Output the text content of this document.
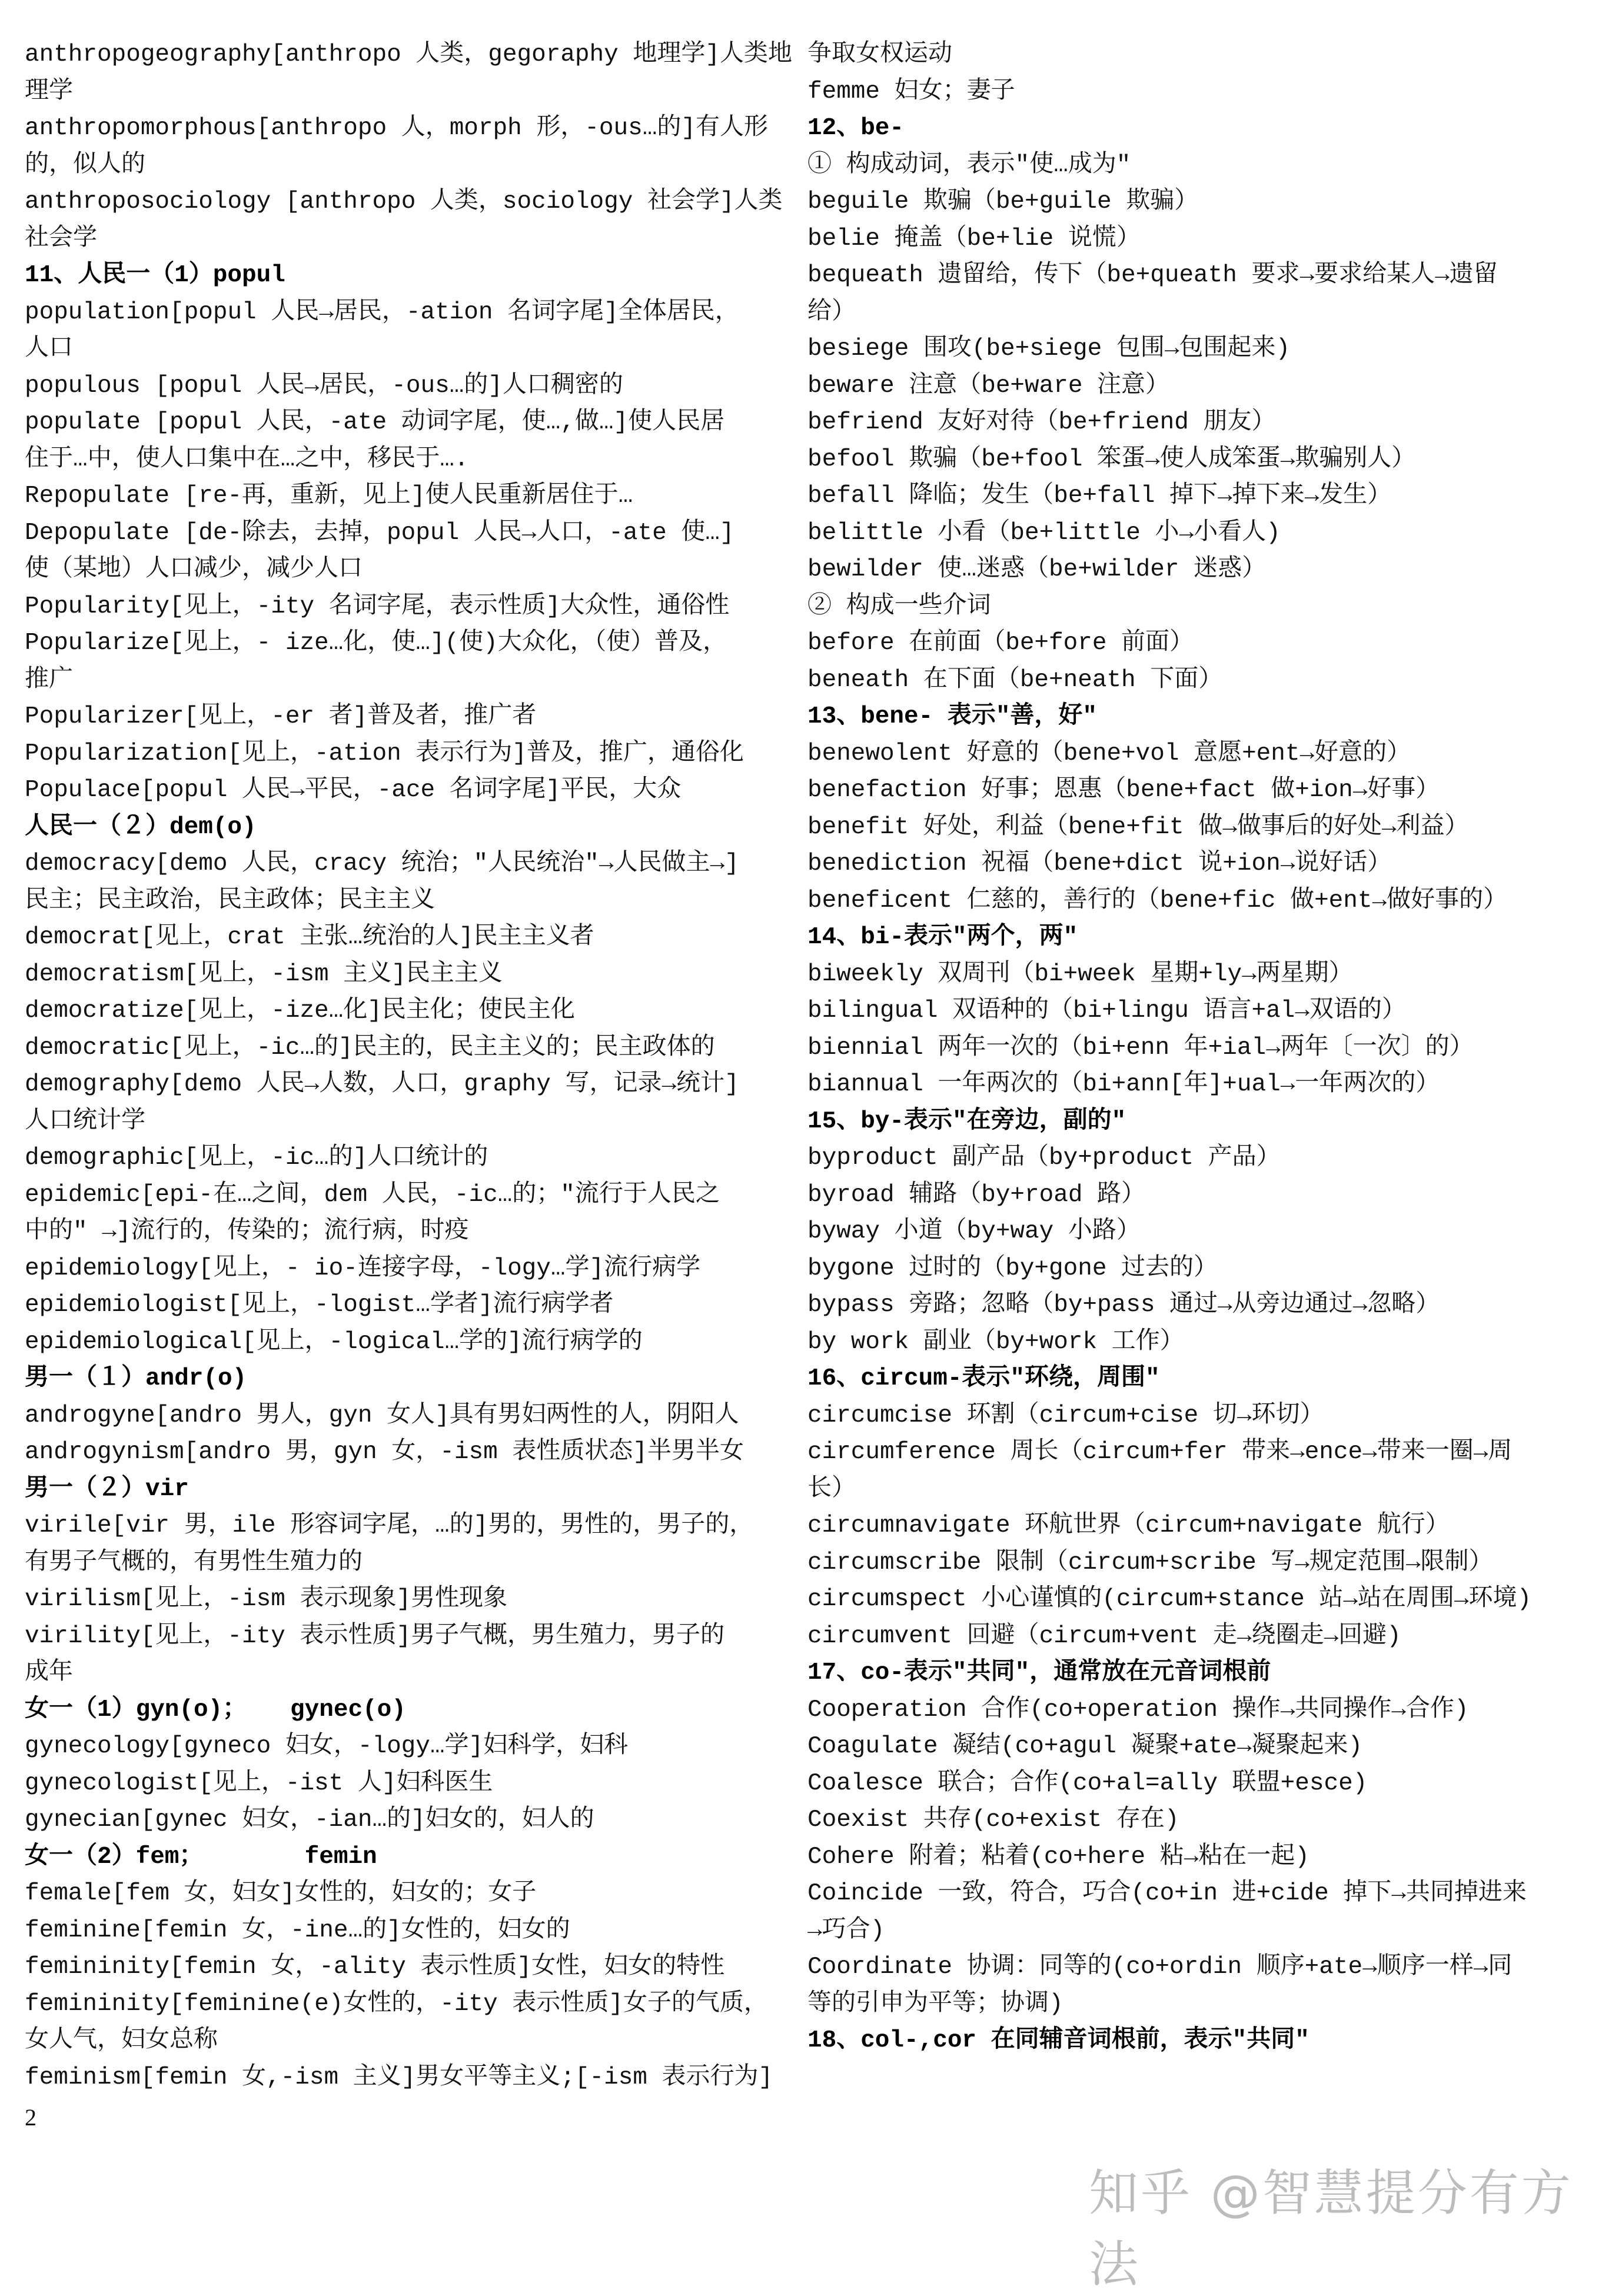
anthropogeography[anthropo 人类，gegoraphy 地理学]人类地
理学
anthropomorphous[anthropo 人，morph 形，-ous…的]有人形
的，似人的
anthroposociology [anthropo 人类，sociology 社会学]人类
社会学
11、人民一（1）popul
population[popul 人民→居民，-ation 名词字尾]全体居民，
人口
populous [popul 人民→居民，-ous…的]人口稠密的
populate [popul 人民，-ate 动词字尾，使…,做…]使人民居
住于…中，使人口集中在…之中，移民于….
Repopulate [re-再，重新，见上]使人民重新居住于…
Depopulate [de-除去，去掉，popul 人民→人口，-ate 使…]
使（某地）人口减少，减少人口
Popularity[见上，-ity 名词字尾，表示性质]大众性，通俗性
Popularize[见上，- ize…化，使…](使)大众化，（使）普及，
推广
Popularizer[见上，-er 者]普及者，推广者
Popularization[见上，-ation 表示行为]普及，推广，通俗化
Populace[popul 人民→平民，-ace 名词字尾]平民，大众
人民一（２）dem(o)
democracy[demo 人民，cracy 统治；"人民统治"→人民做主→]
民主；民主政治，民主政体；民主主义
democrat[见上，crat 主张…统治的人]民主主义者
democratism[见上，-ism 主义]民主主义
democratize[见上，-ize…化]民主化；使民主化
democratic[见上，-ic…的]民主的，民主主义的；民主政体的
demography[demo 人民→人数，人口，graphy 写，记录→统计]
人口统计学
demographic[见上，-ic…的]人口统计的
epidemic[epi-在…之间，dem 人民，-ic…的；"流行于人民之
中的" →]流行的，传染的；流行病，时疫
epidemiology[见上，- io-连接字母，-logy…学]流行病学
epidemiologist[见上，-logist…学者]流行病学者
epidemiological[见上，-logical…学的]流行病学的
男一（１）andr(o)
androgyne[andro 男人，gyn 女人]具有男妇两性的人，阴阳人
androgynism[andro 男，gyn 女，-ism 表性质状态]半男半女
男一（２）vir
virile[vir 男，ile 形容词字尾，…的]男的，男性的，男子的，
有男子气概的，有男性生殖力的
virilism[见上，-ism 表示现象]男性现象
virility[见上，-ity 表示性质]男子气概，男生殖力，男子的
成年
女一（1）gyn(o)；   gynec(o)
gynecology[gyneco 妇女，-logy…学]妇科学，妇科
gynecologist[见上，-ist 人]妇科医生
gynecian[gynec 妇女，-ian…的]妇女的，妇人的
女一（2）fem；       femin
female[fem 女，妇女]女性的，妇女的；女子
feminine[femin 女，-ine…的]女性的，妇女的
femininity[femin 女，-ality 表示性质]女性，妇女的特性
femininity[feminine(e)女性的，-ity 表示性质]女子的气质，
女人气，妇女总称
feminism[femin 女,-ism 主义]男女平等主义;[-ism 表示行为]
争取女权运动
femme 妇女；妻子
12、be-
① 构成动词，表示"使…成为"
beguile 欺骗（be+guile 欺骗）
belie 掩盖（be+lie 说慌）
bequeath 遗留给，传下（be+queath 要求→要求给某人→遗留
给）
besiege 围攻(be+siege 包围→包围起来)
beware 注意（be+ware 注意）
befriend 友好对待（be+friend 朋友）
befool 欺骗（be+fool 笨蛋→使人成笨蛋→欺骗别人）
befall 降临；发生（be+fall 掉下→掉下来→发生）
belittle 小看（be+little 小→小看人)
bewilder 使…迷惑（be+wilder 迷惑）
② 构成一些介词
before 在前面（be+fore 前面）
beneath 在下面（be+neath 下面）
13、bene- 表示"善，好"
benewolent 好意的（bene+vol 意愿+ent→好意的）
benefaction 好事；恩惠（bene+fact 做+ion→好事）
benefit 好处，利益（bene+fit 做→做事后的好处→利益）
benediction 祝福（bene+dict 说+ion→说好话）
beneficent 仁慈的，善行的（bene+fic 做+ent→做好事的）
14、bi-表示"两个，两"
biweekly 双周刊（bi+week 星期+ly→两星期）
bilingual 双语种的（bi+lingu 语言+al→双语的）
biennial 两年一次的（bi+enn 年+ial→两年〔一次〕的）
biannual 一年两次的（bi+ann[年]+ual→一年两次的）
15、by-表示"在旁边，副的"
byproduct 副产品（by+product 产品）
byroad 辅路（by+road 路）
byway 小道（by+way 小路）
bygone 过时的（by+gone 过去的）
bypass 旁路；忽略（by+pass 通过→从旁边通过→忽略）
by work 副业（by+work 工作）
16、circum-表示"环绕，周围"
circumcise 环割（circum+cise 切→环切）
circumference 周长（circum+fer 带来→ence→带来一圈→周
长）
circumnavigate 环航世界（circum+navigate 航行）
circumscribe 限制（circum+scribe 写→规定范围→限制）
circumspect 小心谨慎的(circum+stance 站→站在周围→环境)
circumvent 回避（circum+vent 走→绕圈走→回避)
17、co-表示"共同"，通常放在元音词根前
Cooperation 合作(co+operation 操作→共同操作→合作)
Coagulate 凝结(co+agul 凝聚+ate→凝聚起来)
Coalesce 联合；合作(co+al=ally 联盟+esce)
Coexist 共存(co+exist 存在)
Cohere 附着；粘着(co+here 粘→粘在一起)
Coincide 一致，符合，巧合(co+in 进+cide 掉下→共同掉进来
→巧合)
Coordinate 协调：同等的(co+ordin 顺序+ate→顺序一样→同
等的引申为平等；协调)
18、col-,cor 在同辅音词根前，表示"共同"
2
知乎 @智慧提分有方法
